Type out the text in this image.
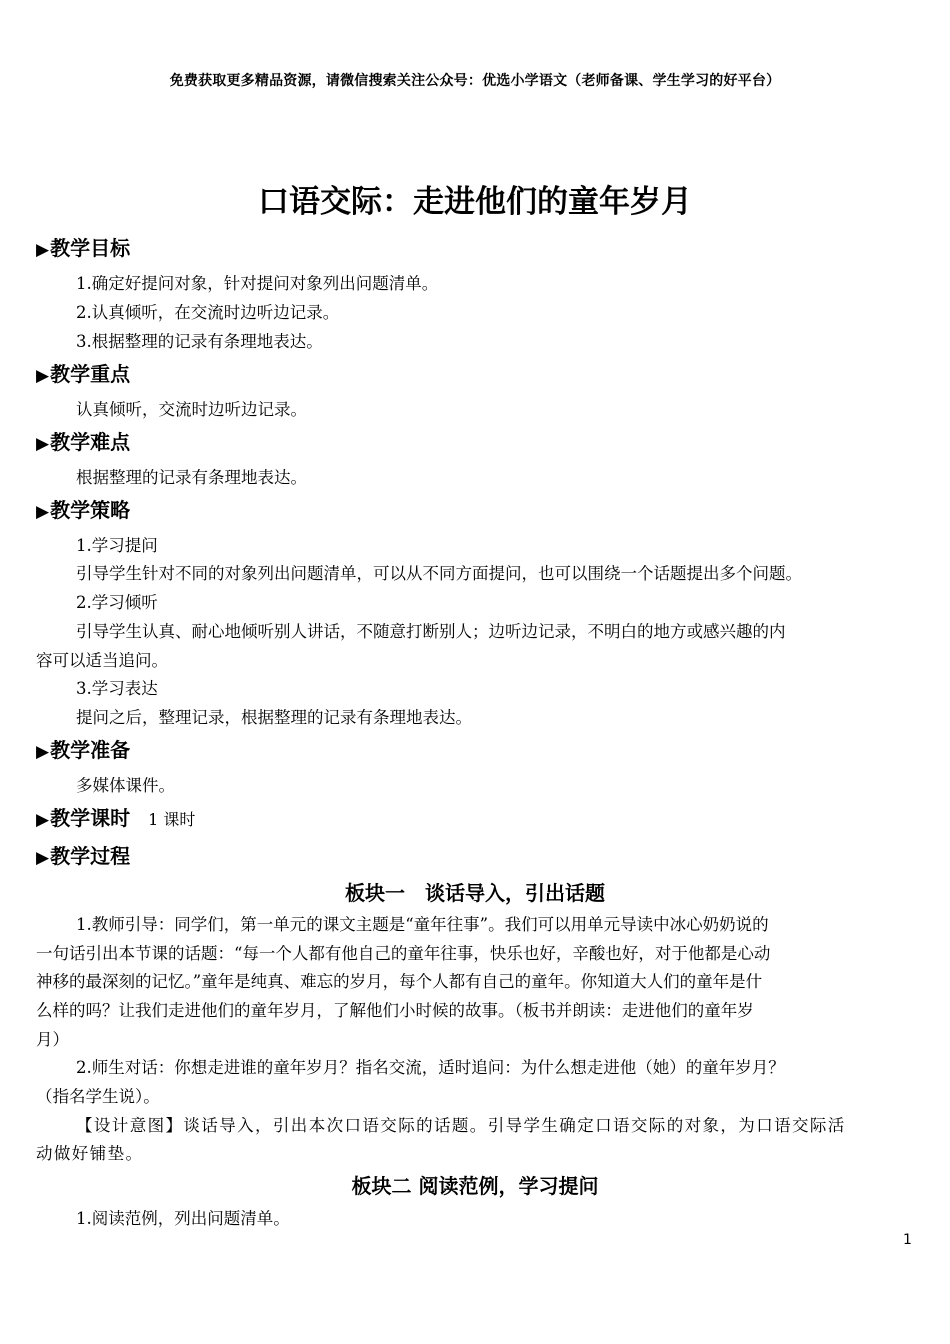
免费获取更多精品资源，请微信搜索关注公众号：优选小学语文（老师备课、学生学习的好平台）
口语交际：走进他们的童年岁月
▶教学目标
1.确定好提问对象，针对提问对象列出问题清单。
2.认真倾听，在交流时边听边记录。
3.根据整理的记录有条理地表达。
▶教学重点
认真倾听，交流时边听边记录。
▶教学难点
根据整理的记录有条理地表达。
▶教学策略
1.学习提问
引导学生针对不同的对象列出问题清单，可以从不同方面提问，也可以围绕一个话题提出多个问题。
2.学习倾听
引导学生认真、耐心地倾听别人讲话，不随意打断别人；边听边记录，不明白的地方或感兴趣的内
容可以适当追问。
3.学习表达
提问之后，整理记录，根据整理的记录有条理地表达。
▶教学准备
多媒体课件。
▶教学课时 1 课时
▶教学过程
板块一　谈话导入，引出话题
1.教师引导：同学们，第一单元的课文主题是“童年往事”。我们可以用单元导读中冰心奶奶说的
一句话引出本节课的话题：“每一个人都有他自己的童年往事，快乐也好，辛酸也好，对于他都是心动
神移的最深刻的记忆。”童年是纯真、难忘的岁月，每个人都有自己的童年。你知道大人们的童年是什
么样的吗？让我们走进他们的童年岁月，了解他们小时候的故事。（板书并朗读：走进他们的童年岁
月）
2.师生对话：你想走进谁的童年岁月？指名交流，适时追问：为什么想走进他（她）的童年岁月？
（指名学生说）。
【设计意图】谈话导入，引出本次口语交际的话题。引导学生确定口语交际的对象，为口语交际活
动做好铺垫。
板块二 阅读范例，学习提问
1.阅读范例，列出问题清单。
1
